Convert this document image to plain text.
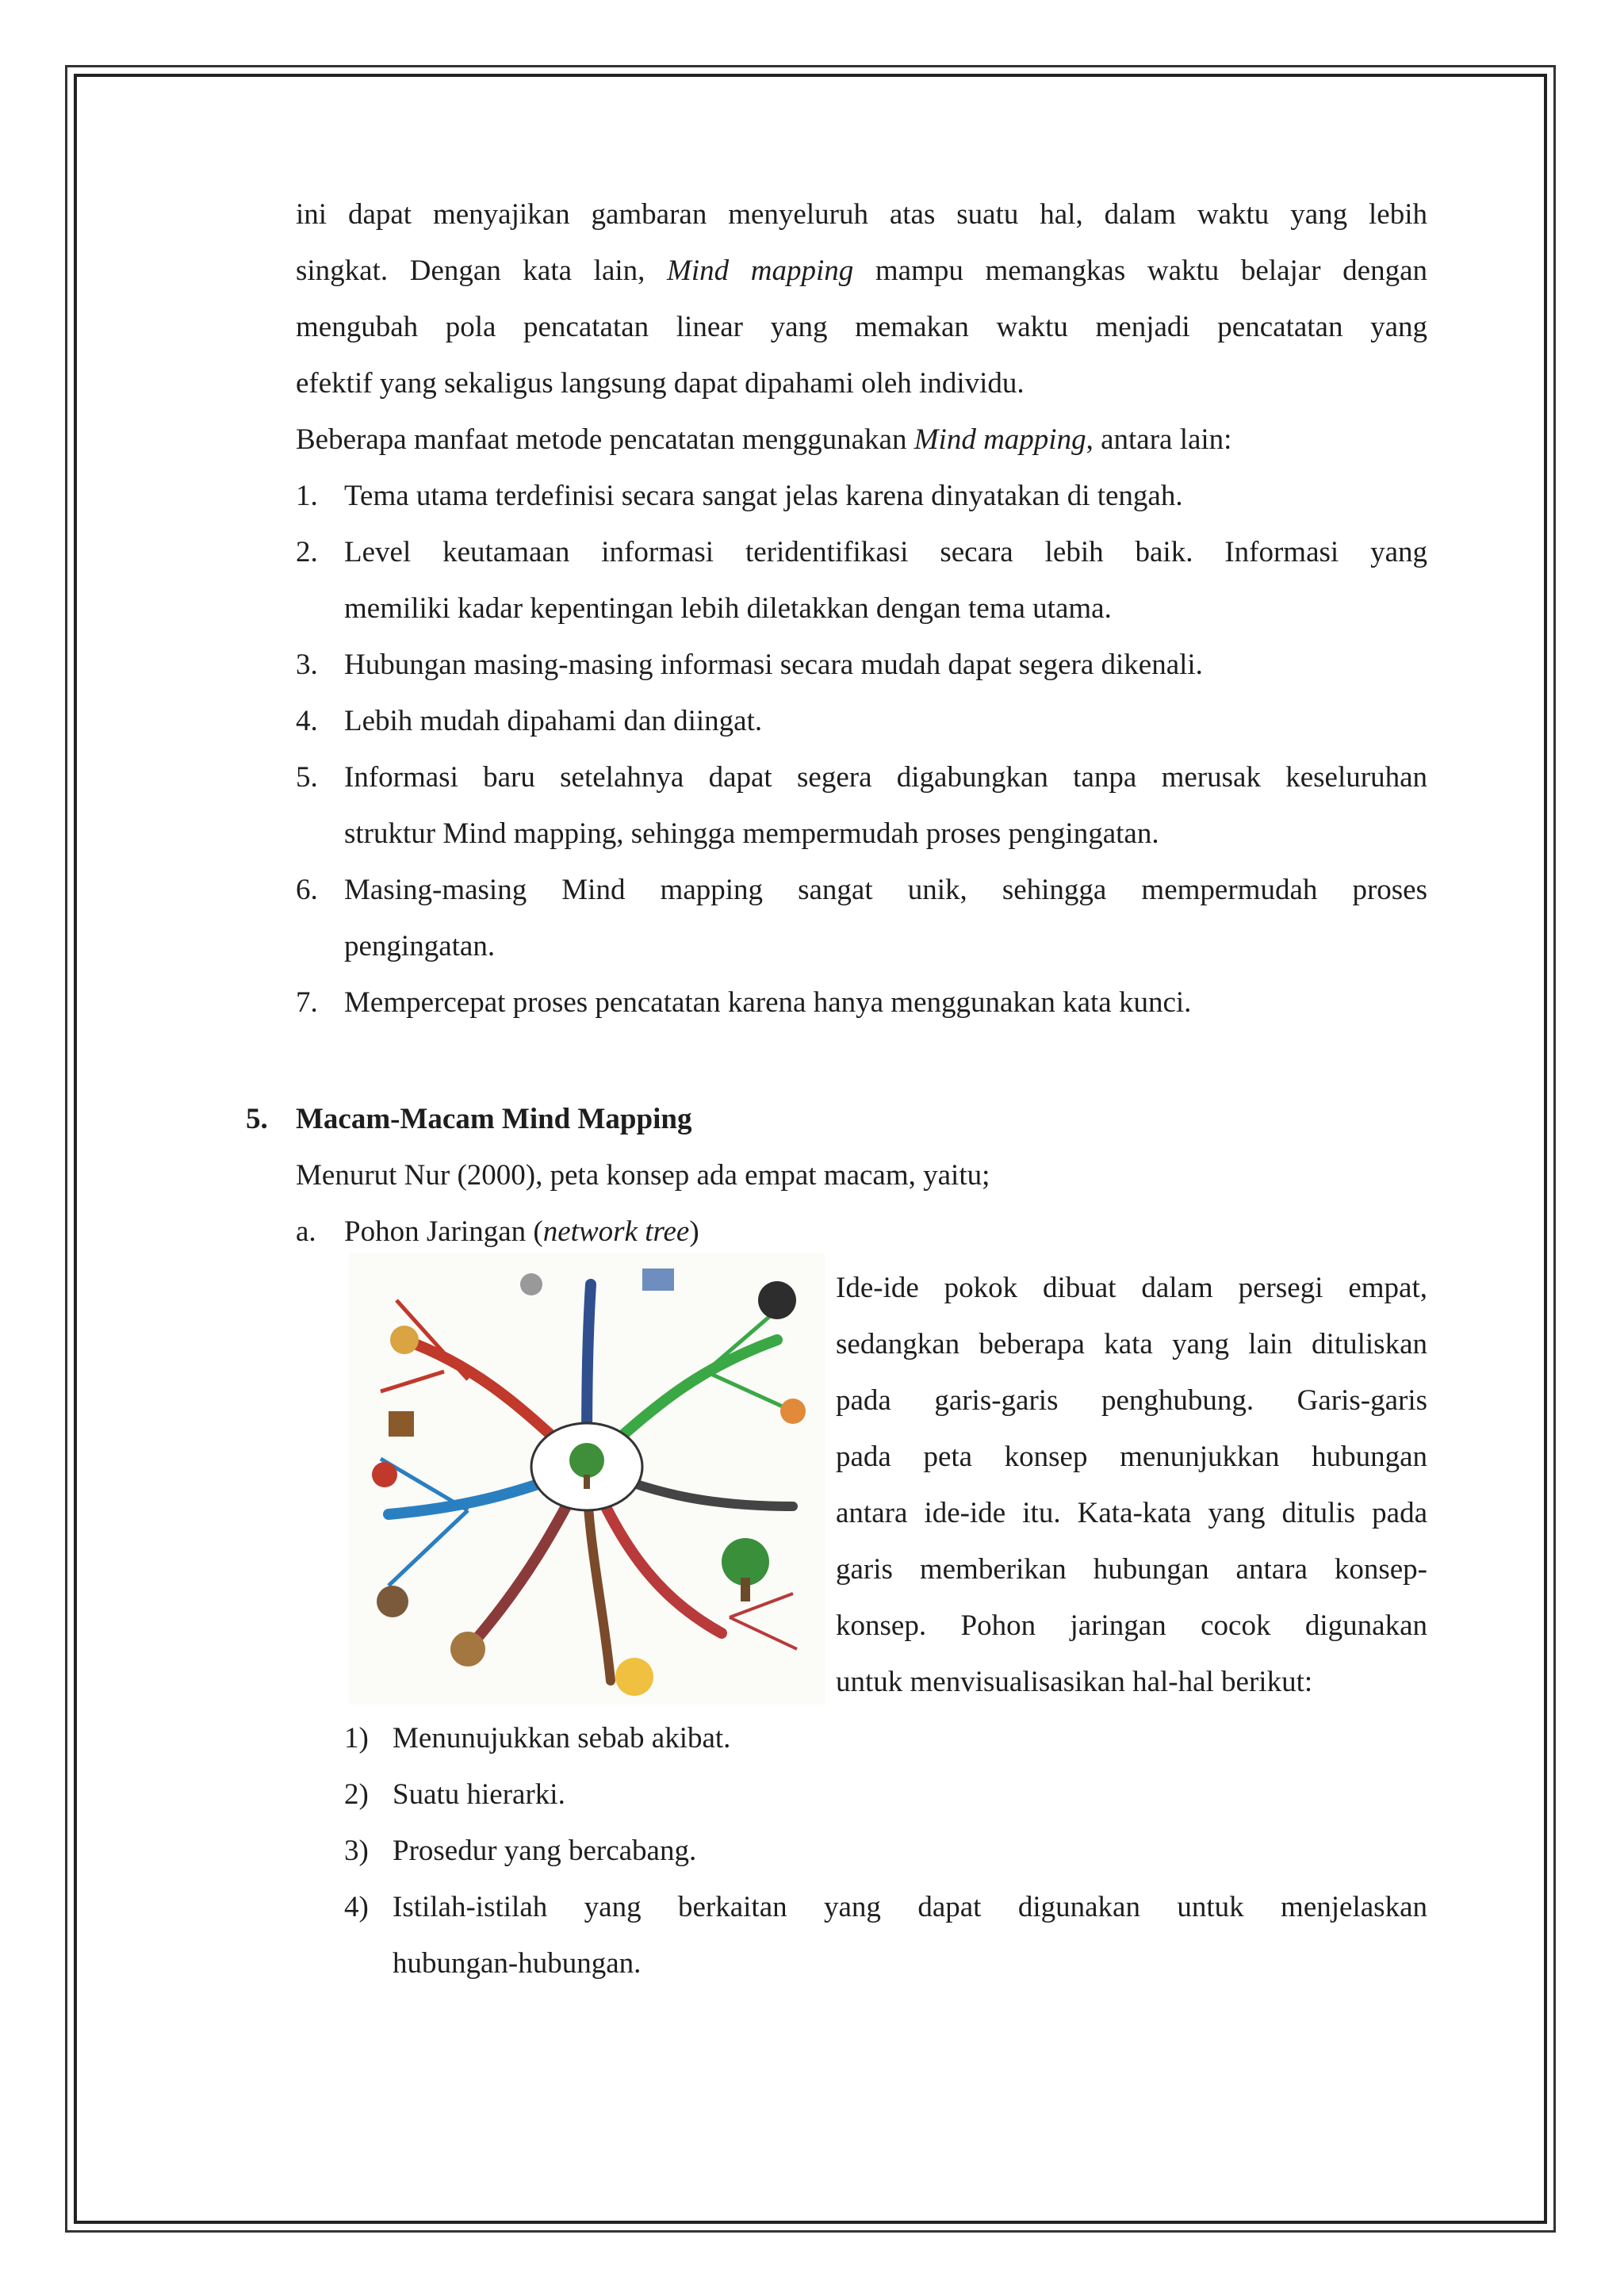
ini dapat menyajikan gambaran menyeluruh atas suatu hal, dalam waktu yang lebih
singkat. Dengan kata lain, Mind mapping mampu memangkas waktu belajar dengan
mengubah pola pencatatan linear yang memakan waktu menjadi pencatatan yang
efektif yang sekaligus langsung dapat dipahami oleh individu.
Beberapa manfaat metode pencatatan menggunakan Mind mapping, antara lain:
1. Tema utama terdefinisi secara sangat jelas karena dinyatakan di tengah.
2. Level keutamaan informasi teridentifikasi secara lebih baik. Informasi yang
memiliki kadar kepentingan lebih diletakkan dengan tema utama.
3. Hubungan masing-masing informasi secara mudah dapat segera dikenali.
4. Lebih mudah dipahami dan diingat.
5. Informasi baru setelahnya dapat segera digabungkan tanpa merusak keseluruhan
struktur Mind mapping, sehingga mempermudah proses pengingatan.
6. Masing-masing Mind mapping sangat unik, sehingga mempermudah proses
pengingatan.
7. Mempercepat proses pencatatan karena hanya menggunakan kata kunci.
5. Macam-Macam Mind Mapping
Menurut Nur (2000), peta konsep ada empat macam, yaitu;
a. Pohon Jaringan (network tree)
Ide-ide pokok dibuat dalam persegi empat,
sedangkan beberapa kata yang lain dituliskan
pada garis-garis penghubung. Garis-garis
pada peta konsep menunjukkan hubungan
antara ide-ide itu. Kata-kata yang ditulis pada
garis memberikan hubungan antara konsep-
konsep. Pohon jaringan cocok digunakan
untuk menvisualisasikan hal-hal berikut:
1) Menunujukkan sebab akibat.
2) Suatu hierarki.
3) Prosedur yang bercabang.
4) Istilah-istilah yang berkaitan yang dapat digunakan untuk menjelaskan
hubungan-hubungan.
